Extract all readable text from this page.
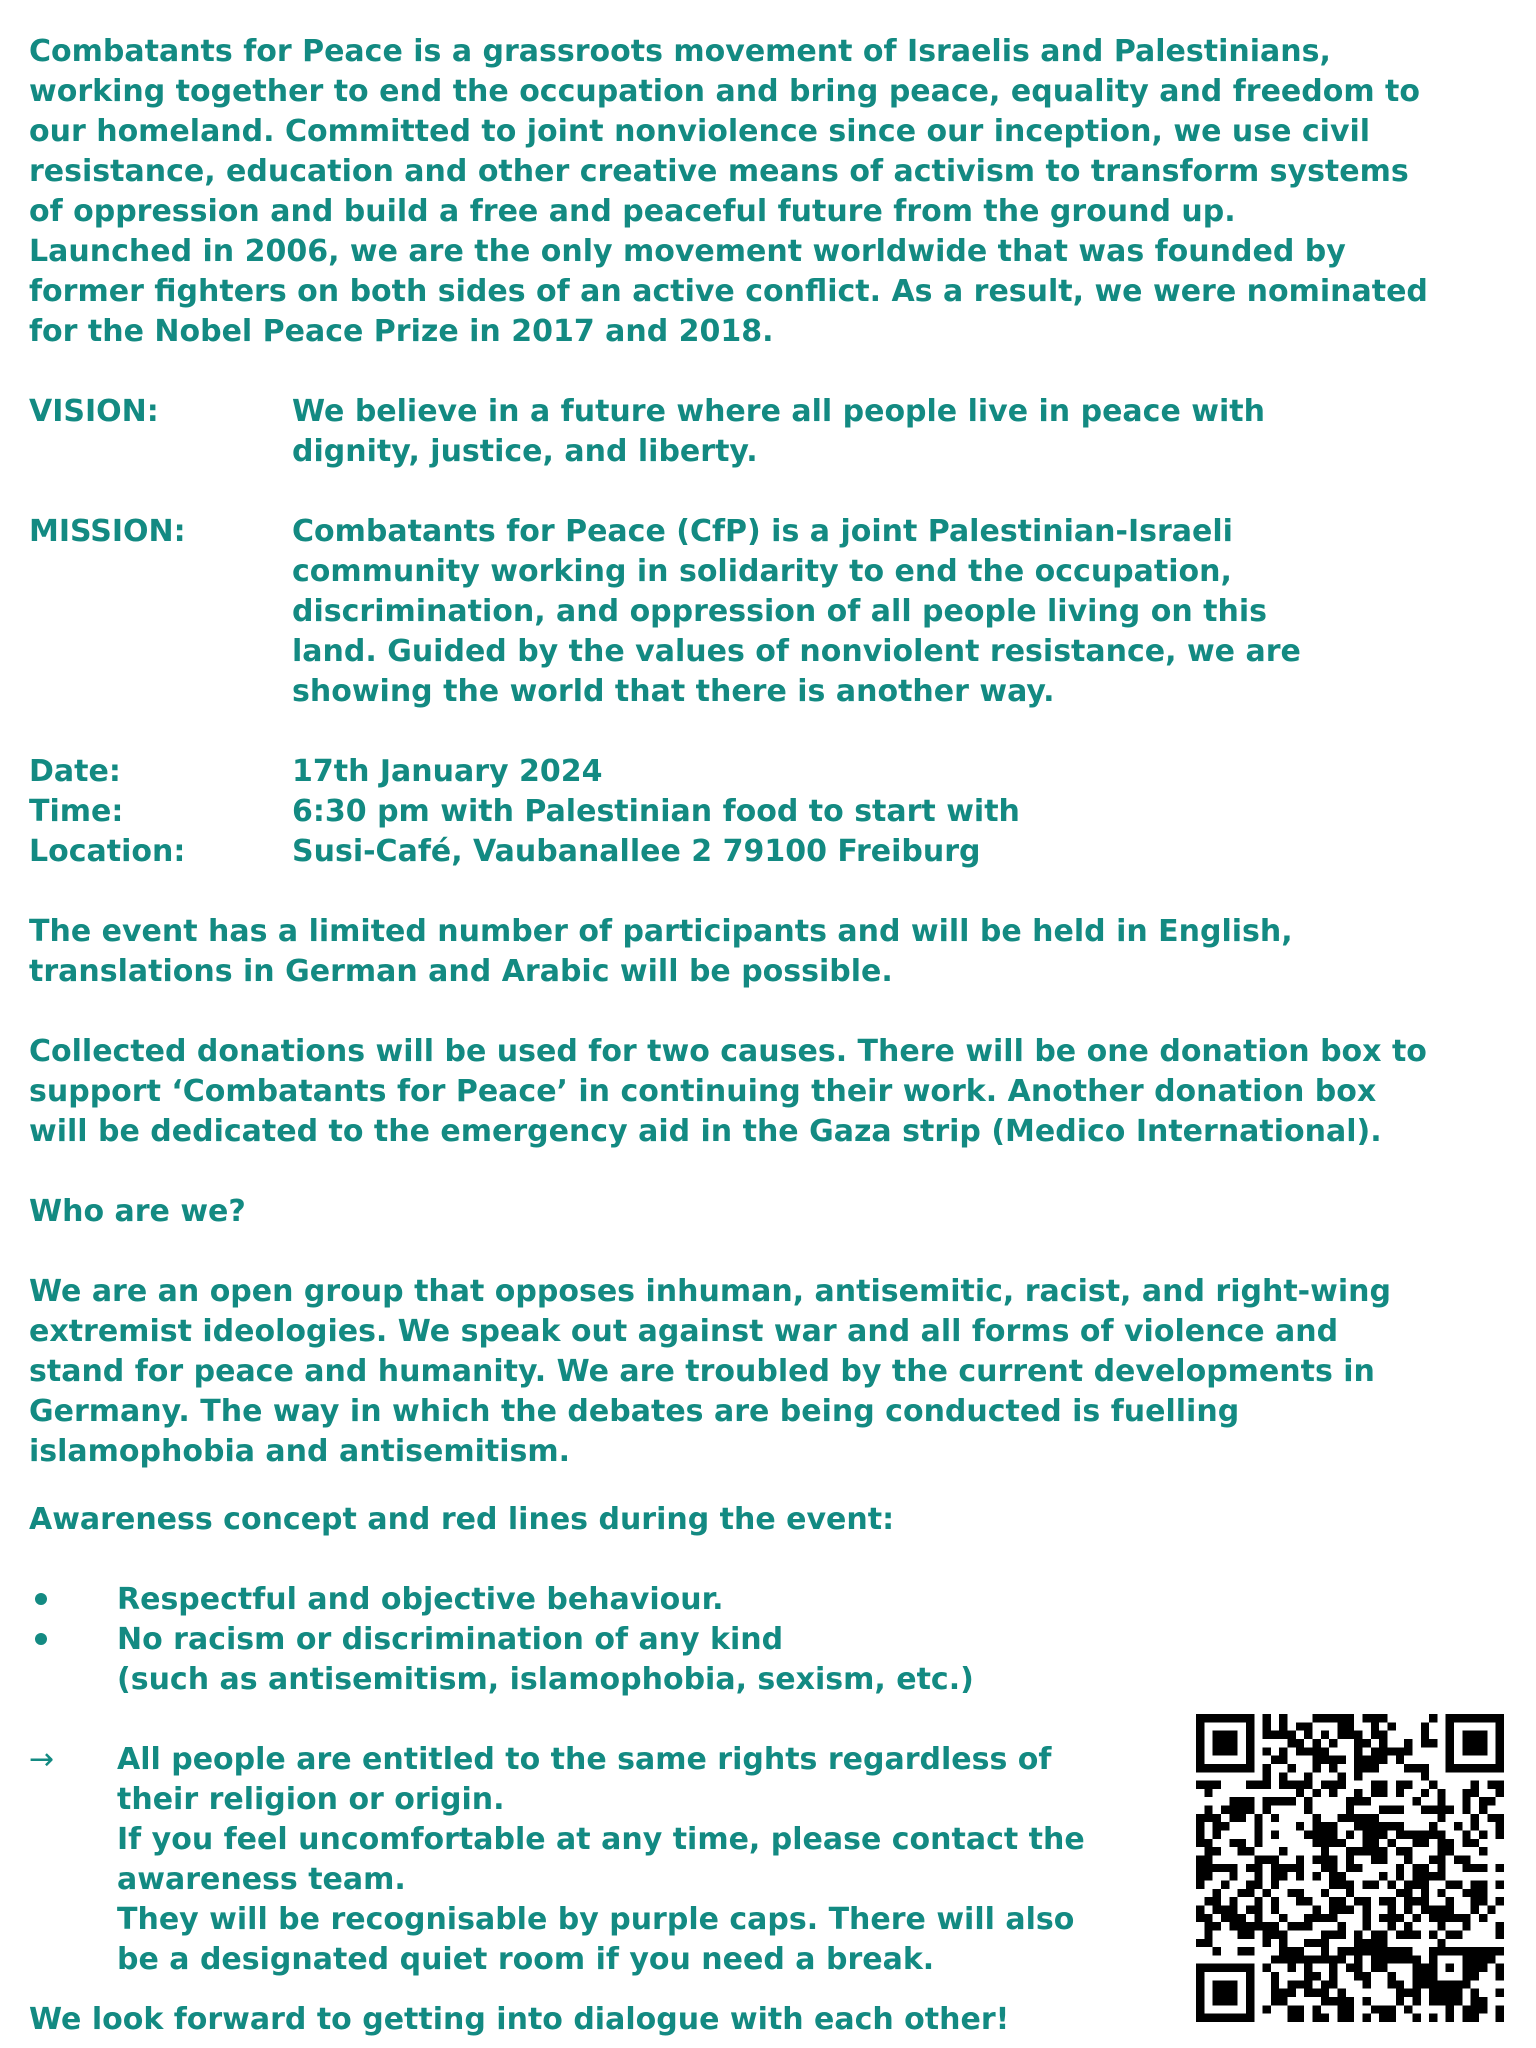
Combatants for Peace is a grassroots movement of Israelis and Palestinians,
working together to end the occupation and bring peace, equality and freedom to
our homeland. Committed to joint nonviolence since our inception, we use civil
resistance, education and other creative means of activism to transform systems
of oppression and build a free and peaceful future from the ground up.
Launched in 2006, we are the only movement worldwide that was founded by
former fighters on both sides of an active conflict. As a result, we were nominated
for the Nobel Peace Prize in 2017 and 2018.

VISION:	We believe in a future where all people live in peace with
dignity, justice, and liberty.
MISSION:	Combatants for Peace (CfP) is a joint Palestinian-Israeli
community working in solidarity to end the occupation,
discrimination, and oppression of all people living on this
land. Guided by the values of nonviolent resistance, we are
showing the world that there is another way.
Date:	17th January 2024
Time:	6:30 pm with Palestinian food to start with
Location:	Susi-Café, Vaubanallee 2 79100 Freiburg

The event has a limited number of participants and will be held in English,
translations in German and Arabic will be possible.

Collected donations will be used for two causes. There will be one donation box to
support ‘Combatants for Peace’ in continuing their work. Another donation box
will be dedicated to the emergency aid in the Gaza strip (Medico International).

Who are we?

We are an open group that opposes inhuman, antisemitic, racist, and right-wing
extremist ideologies. We speak out against war and all forms of violence and
stand for peace and humanity. We are troubled by the current developments in
Germany. The way in which the debates are being conducted is fuelling
islamophobia and antisemitism.

Awareness concept and red lines during the event:

Respectful and objective behaviour.
No racism or discrimination of any kind
(such as antisemitism, islamophobia, sexism, etc.)
→ All people are entitled to the same rights regardless of
their religion or origin.
If you feel uncomfortable at any time, please contact the
awareness team.
They will be recognisable by purple caps. There will also
be a designated quiet room if you need a break.

We look forward to getting into dialogue with each other!
